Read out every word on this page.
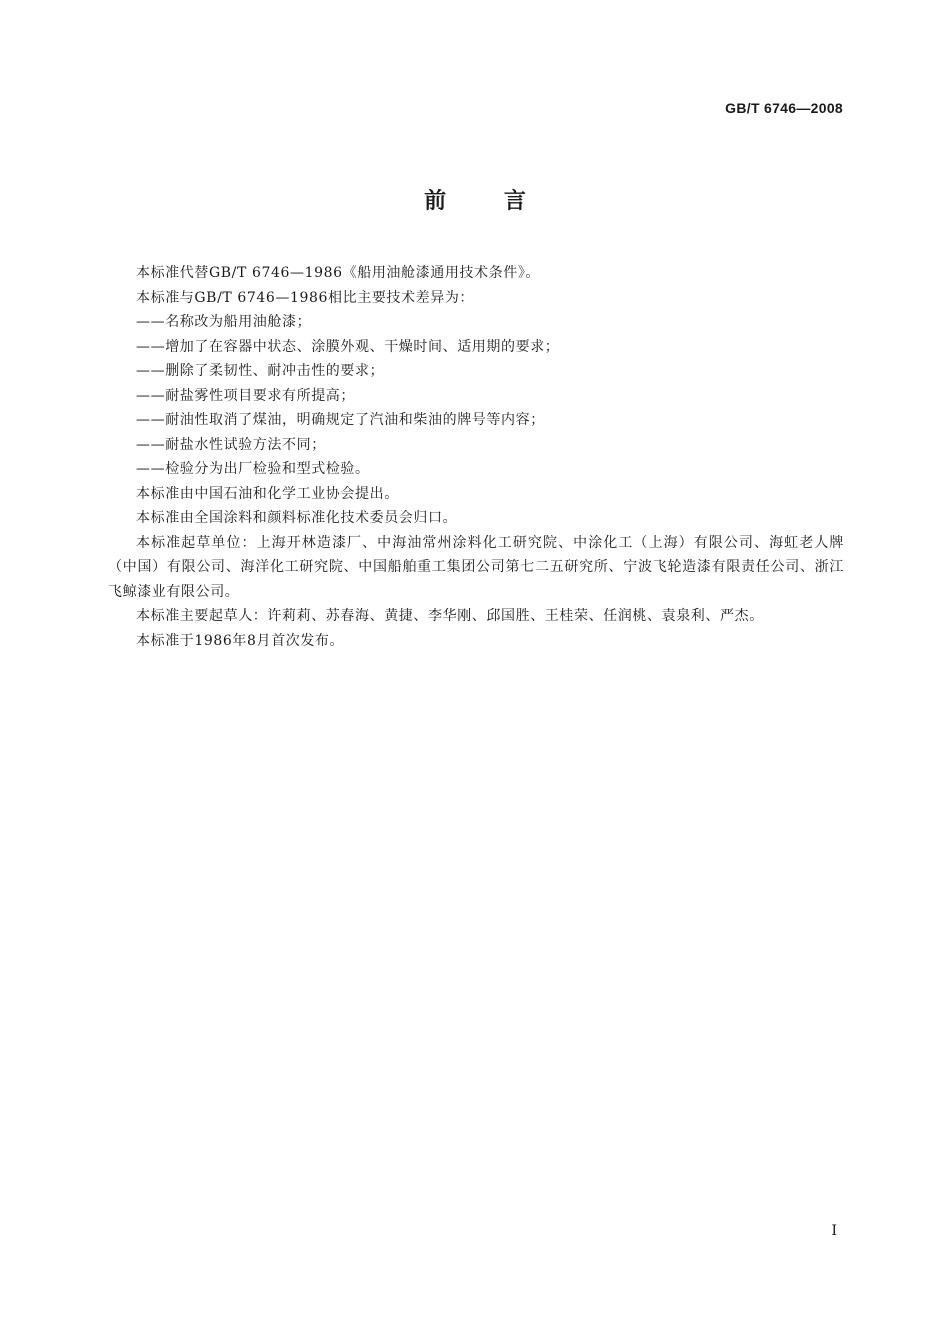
GB/T 6746—2008
前	言

本标准代替GB/T 6746—1986《船用油舱漆通用技术条件》。

本标准与GB/T 6746—1986相比主要技术差异为：

——名称改为船用油舱漆；

——增加了在容器中状态、涂膜外观、干燥时间、适用期的要求；

——删除了柔韧性、耐冲击性的要求；

——耐盐雾性项目要求有所提高；

——耐油性取消了煤油，明确规定了汽油和柴油的牌号等内容；

——耐盐水性试验方法不同；

——检验分为出厂检验和型式检验。

本标准由中国石油和化学工业协会提出。

本标准由全国涂料和颜料标准化技术委员会归口。

本标准起草单位：上海开林造漆厂、中海油常州涂料化工研究院、中涂化工（上海）有限公司、海虹老人牌（中国）有限公司、海洋化工研究院、中国船舶重工集团公司第七二五研究所、宁波飞轮造漆有限责任公司、浙江飞鲸漆业有限公司。

本标准主要起草人：许莉莉、苏春海、黄捷、李华刚、邱国胜、王桂荣、任润桃、袁泉利、严杰。

本标准于1986年8月首次发布。

I
